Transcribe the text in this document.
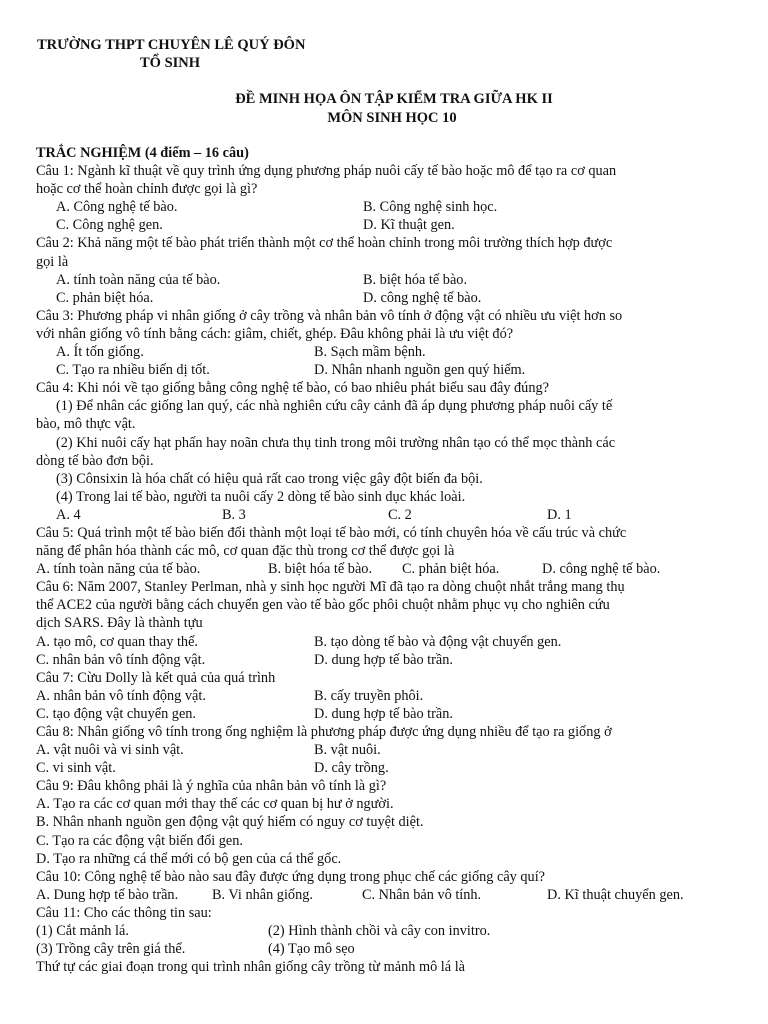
TRƯỜNG THPT CHUYÊN LÊ QUÝ ĐÔN
TỔ SINH
ĐỀ MINH HỌA ÔN TẬP KIỂM TRA GIỮA HK II
MÔN SINH HỌC 10
TRẮC NGHIỆM (4 điểm – 16 câu)
Câu 1: Ngành kĩ thuật về quy trình ứng dụng phương pháp nuôi cấy tế bào hoặc mô để tạo ra cơ quan
hoặc cơ thể hoàn chỉnh được gọi là gì?
A. Công nghệ tế bào.	B. Công nghệ sinh học.
C. Công nghệ gen.	D. Kĩ thuật gen.
Câu 2: Khả năng một tế bào phát triển thành một cơ thể hoàn chỉnh trong môi trường thích hợp được
gọi là
A. tính toàn năng của tế bào.	B. biệt hóa tế bào.
C. phản biệt hóa.	D. công nghệ tế bào.
Câu 3: Phương pháp vi nhân giống ở cây trồng và nhân bản vô tính ở động vật có nhiều ưu việt hơn so
với nhân giống vô tính bằng cách: giâm, chiết, ghép. Đâu không phải là ưu việt đó?
A. Ít tốn giống.	B. Sạch mầm bệnh.
C. Tạo ra nhiều biến dị tốt.	D. Nhân nhanh nguồn gen quý hiếm.
Câu 4: Khi nói về tạo giống bằng công nghệ tế bào, có bao nhiêu phát biểu sau đây đúng?
(1) Để nhân các giống lan quý, các nhà nghiên cứu cây cảnh đã áp dụng phương pháp nuôi cấy tế
bào, mô thực vật.
(2) Khi nuôi cấy hạt phấn hay noãn chưa thụ tinh trong môi trường nhân tạo có thể mọc thành các
dòng tế bào đơn bội.
(3) Cônsixin là hóa chất có hiệu quả rất cao trong việc gây đột biến đa bội.
(4) Trong lai tế bào, người ta nuôi cấy 2 dòng tế bào sinh dục khác loài.
A. 4	B. 3	C. 2	D. 1
Câu 5: Quá trình một tế bào biến đổi thành một loại tế bào mới, có tính chuyên hóa về cấu trúc và chức
năng để phân hóa thành các mô, cơ quan đặc thù trong cơ thể được gọi là
A. tính toàn năng của tế bào.	B. biệt hóa tế bào. C. phản biệt hóa.	D. công nghệ tế bào.
Câu 6: Năm 2007, Stanley Perlman, nhà y sinh học người Mĩ đã tạo ra dòng chuột nhắt trắng mang thụ
thể ACE2 của người bằng cách chuyển gen vào tế bào gốc phôi chuột nhằm phục vụ cho nghiên cứu
dịch SARS. Đây là thành tựu
A. tạo mô, cơ quan thay thế.	B. tạo dòng tế bào và động vật chuyển gen.
C. nhân bản vô tính động vật.	D. dung hợp tế bào trần.
Câu 7: Cừu Dolly là kết quả của quá trình
A. nhân bản vô tính động vật.	B. cấy truyền phôi.
C. tạo động vật chuyển gen.	D. dung hợp tế bào trần.
Câu 8: Nhân giống vô tính trong ống nghiệm là phương pháp được ứng dụng nhiều để tạo ra giống ở
A. vật nuôi và vi sinh vật.	B. vật nuôi.
C. vi sinh vật.	D. cây trồng.
Câu 9: Đâu không phải là ý nghĩa của nhân bản vô tính là gì?
A. Tạo ra các cơ quan mới thay thế các cơ quan bị hư ở người.
B. Nhân nhanh nguồn gen động vật quý hiếm có nguy cơ tuyệt diệt.
C. Tạo ra các động vật biến đổi gen.
D. Tạo ra những cá thể mới có bộ gen của cá thể gốc.
Câu 10: Công nghệ tế bào nào sau đây được ứng dụng trong phục chế các giống cây quí?
A. Dung hợp tế bào trần. B. Vi nhân giống.	C. Nhân bản vô tính.	D. Kĩ thuật chuyển gen.
Câu 11: Cho các thông tin sau:
(1) Cắt mảnh lá.	(2) Hình thành chồi và cây con invitro.
(3) Trồng cây trên giá thể.	(4) Tạo mô sẹo
Thứ tự các giai đoạn trong qui trình nhân giống cây trồng từ mảnh mô lá là
